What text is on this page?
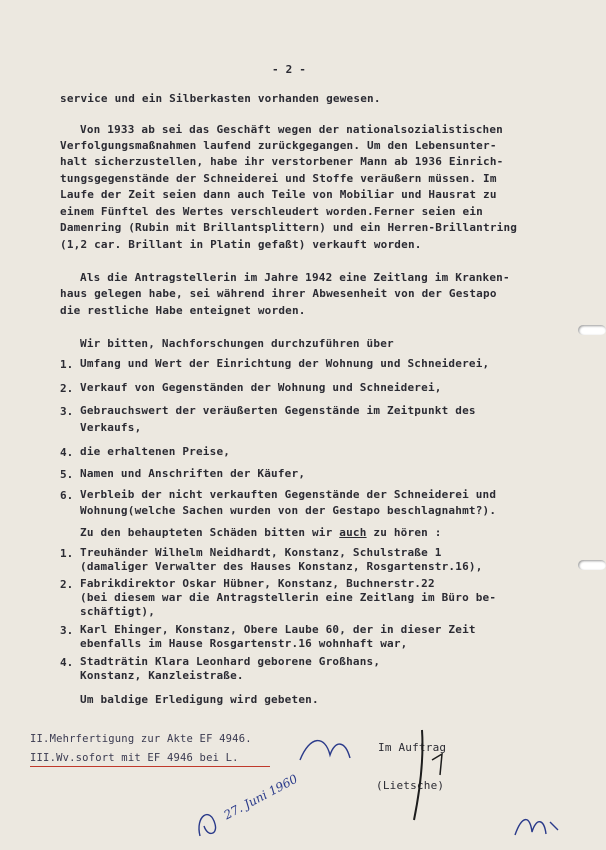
- 2 -
service und ein Silberkasten vorhanden gewesen.
Von 1933 ab sei das Geschäft wegen der nationalsozialistischen
Verfolgungsmaßnahmen laufend zurückgegangen. Um den Lebensunter-
halt sicherzustellen, habe ihr verstorbener Mann ab 1936 Einrich-
tungsgegenstände der Schneiderei und Stoffe veräußern müssen. Im
Laufe der Zeit seien dann auch Teile von Mobiliar und Hausrat zu
einem Fünftel des Wertes verschleudert worden.Ferner seien ein
Damenring (Rubin mit Brillantsplittern) und ein Herren-Brillantring
(1,2 car. Brillant in Platin gefaßt) verkauft worden.
Als die Antragstellerin im Jahre 1942 eine Zeitlang im Kranken-
haus gelegen habe, sei während ihrer Abwesenheit von der Gestapo
die restliche Habe enteignet worden.
Wir bitten, Nachforschungen durchzuführen über
1. Umfang und Wert der Einrichtung der Wohnung und Schneiderei,
2. Verkauf von Gegenständen der Wohnung und Schneiderei,
3. Gebrauchswert der veräußerten Gegenstände im Zeitpunkt des
Verkaufs,
4. die erhaltenen Preise,
5. Namen und Anschriften der Käufer,
6. Verbleib der nicht verkauften Gegenstände der Schneiderei und
Wohnung(welche Sachen wurden von der Gestapo beschlagnahmt?).
Zu den behaupteten Schäden bitten wir auch zu hören :
1. Treuhänder Wilhelm Neidhardt, Konstanz, Schulstraße 1
(damaliger Verwalter des Hauses Konstanz, Rosgartenstr.16),
2. Fabrikdirektor Oskar Hübner, Konstanz, Buchnerstr.22
(bei diesem war die Antragstellerin eine Zeitlang im Büro be-
schäftigt),
3. Karl Ehinger, Konstanz, Obere Laube 60, der in dieser Zeit
ebenfalls im Hause Rosgartenstr.16 wohnhaft war,
4. Stadträtin Klara Leonhard geborene Großhans,
Konstanz, Kanzleistraße.
Um baldige Erledigung wird gebeten.
II.Mehrfertigung zur Akte EF 4946.
III.Wv.sofort mit EF 4946 bei L.
Im Auftrag
(Lietsche)
27. Juni 1960
